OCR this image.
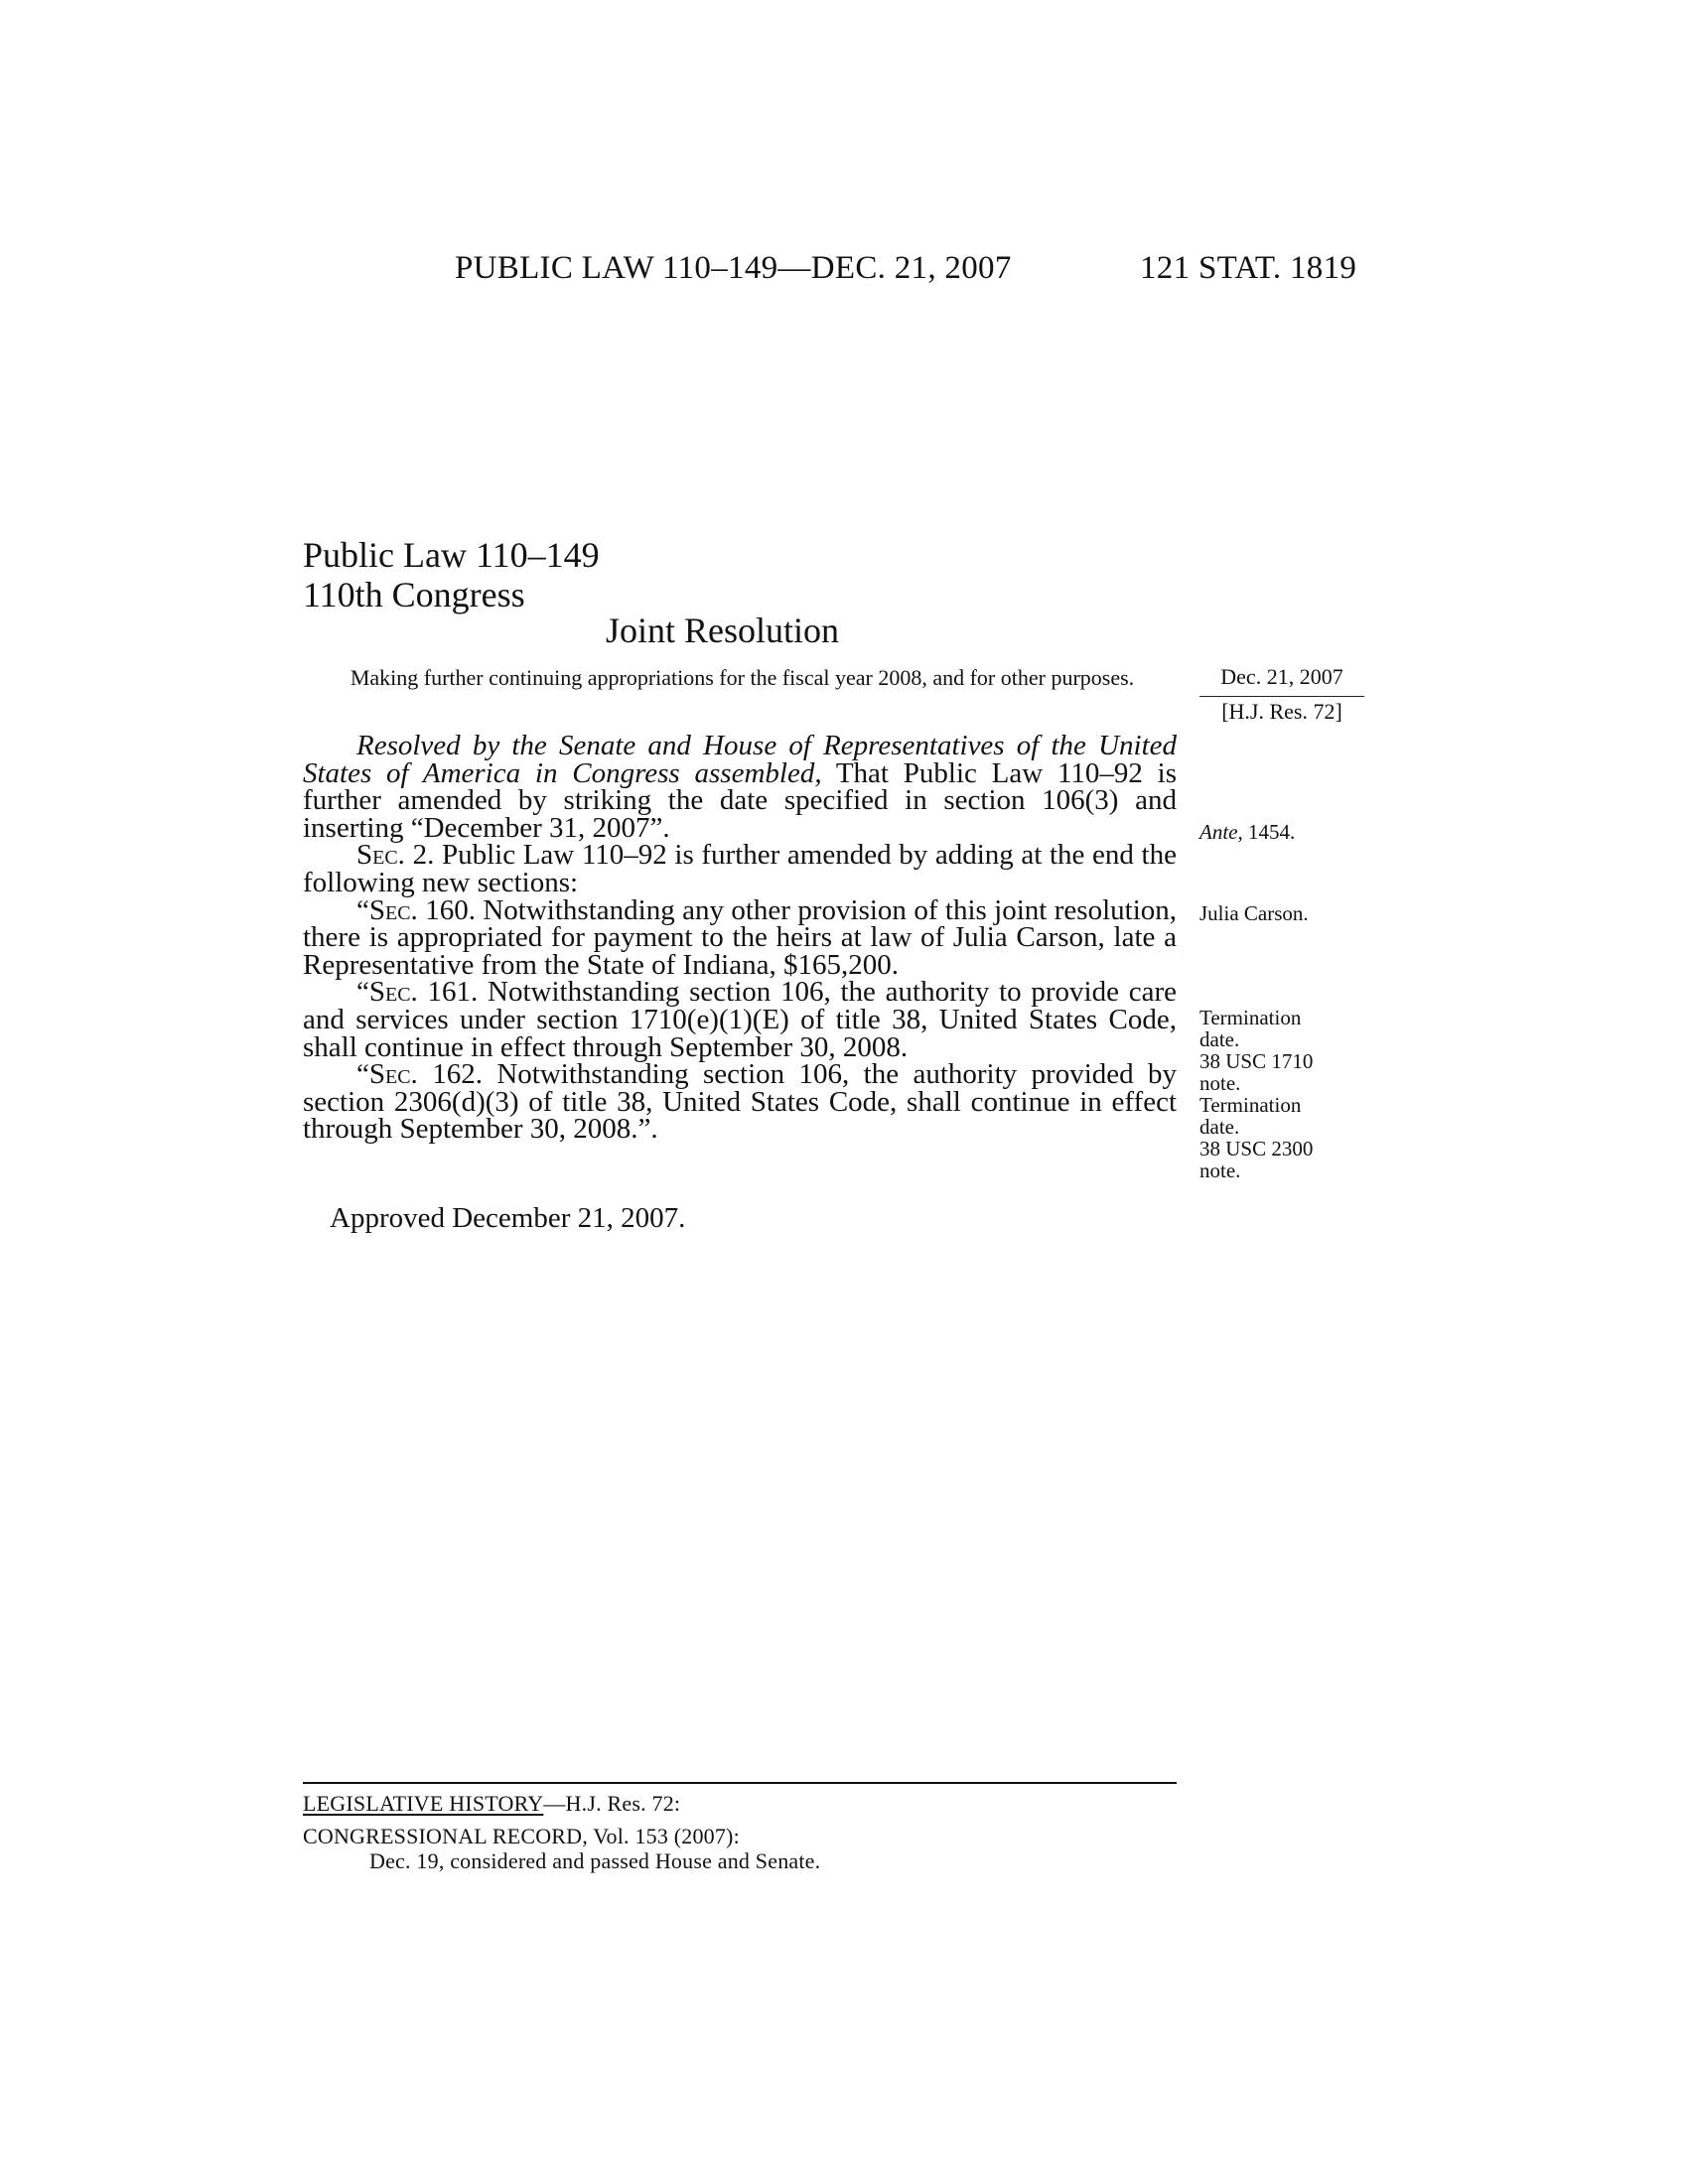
PUBLIC LAW 110–149—DEC. 21, 2007	121 STAT. 1819
Public Law 110–149
110th Congress
Joint Resolution
Making further continuing appropriations for the fiscal year 2008, and for other purposes.	Dec. 21, 2007
[H.J. Res. 72]

Resolved by the Senate and House of Representatives of the United States of America in Congress assembled, That Public Law 110–92 is further amended by striking the date specified in section 106(3) and inserting “December 31, 2007”.

Sec. 2. Public Law 110–92 is further amended by adding at the end the following new sections:

“Sec. 160. Notwithstanding any other provision of this joint resolution, there is appropriated for payment to the heirs at law of Julia Carson, late a Representative from the State of Indiana, $165,200.

“Sec. 161. Notwithstanding section 106, the authority to provide care and services under section 1710(e)(1)(E) of title 38, United States Code, shall continue in effect through September 30, 2008.

“Sec. 162. Notwithstanding section 106, the authority provided by section 2306(d)(3) of title 38, United States Code, shall continue in effect through September 30, 2008.”.

Ante, 1454.
Julia Carson.
Termination
date.
38 USC 1710
note.
Termination
date.
38 USC 2300
note.
Approved December 21, 2007.
LEGISLATIVE HISTORY—H.J. Res. 72:
CONGRESSIONAL RECORD, Vol. 153 (2007):
Dec. 19, considered and passed House and Senate.
